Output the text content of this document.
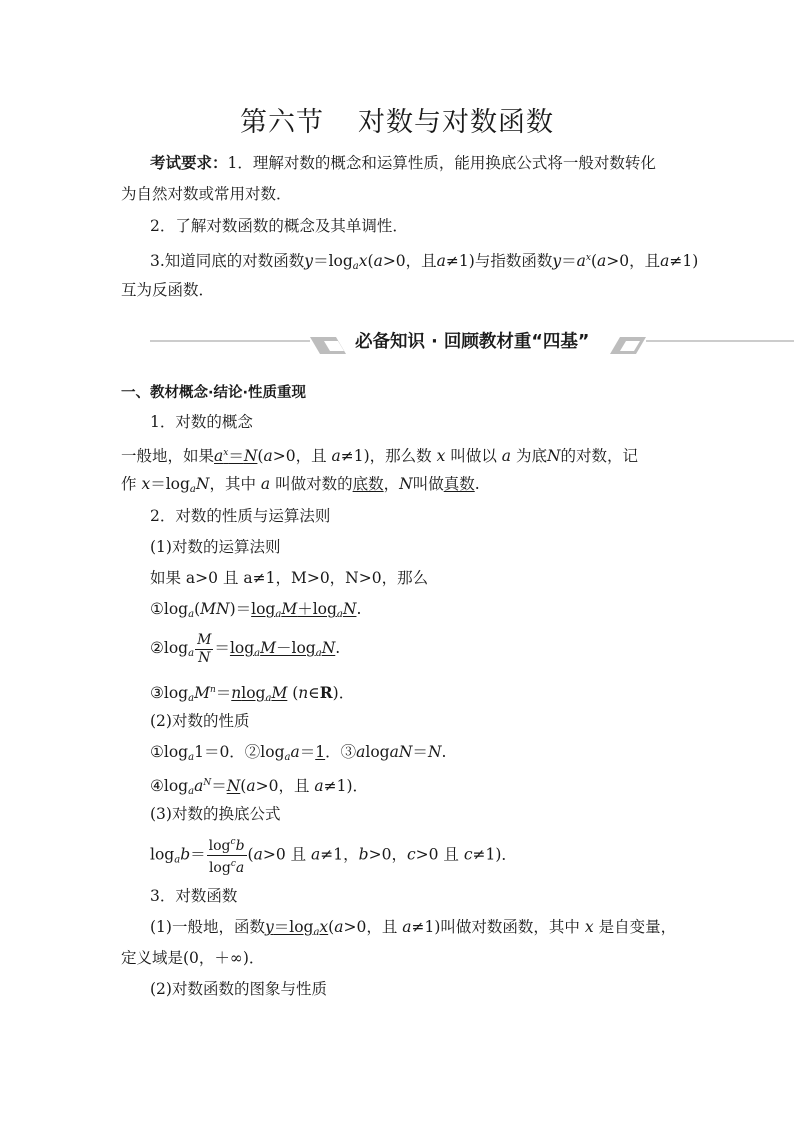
第六节 对数与对数函数
考试要求：1．理解对数的概念和运算性质，能用换底公式将一般对数转化
为自然对数或常用对数．
2．了解对数函数的概念及其单调性．
3.知道同底的对数函数$y=\log_ax(a>0$，且a≠1)与指数函数$y=a^x(a>0$，且a≠1)
互为反函数．
必备知识 · 回顾教材重“四基”
一、教材概念·结论·性质重现
1．对数的概念
一般地，如果$a^x=N(a>0$，且 a≠1)，那么数 x 叫做以 a 为底N的对数，记
作 $x=\log_aN$，其中 a 叫做对数的底数，N叫做真数.
2．对数的性质与运算法则
(1)对数的运算法则
如果 a>0 且 a≠1，M>0，N>0，那么
$①\log_a(MN)=\log_aM+\log_aN$.
$②\log_a \frac{M}{N} =\log_aM-\log_aN$.
$③\log_aM^n=nlog_aM$ (n∈R)．
(2)对数的性质
$①\log_a1=0$．$②\log_aa=1$．③alogaN＝N.
$④\log_aa^N=N(a>0$，且 a≠1)．
(3)对数的换底公式
$\log_ab= \frac{\log^cb}{\log^ca} (a>0$ 且 a≠1，b>0，c>0 且 c≠1)．
3．对数函数
(1)一般地，函数$y=\log_ax(a>0$，且 a≠1)叫做对数函数，其中 x 是自变量，
定义域是(0，＋∞)．
(2)对数函数的图象与性质
